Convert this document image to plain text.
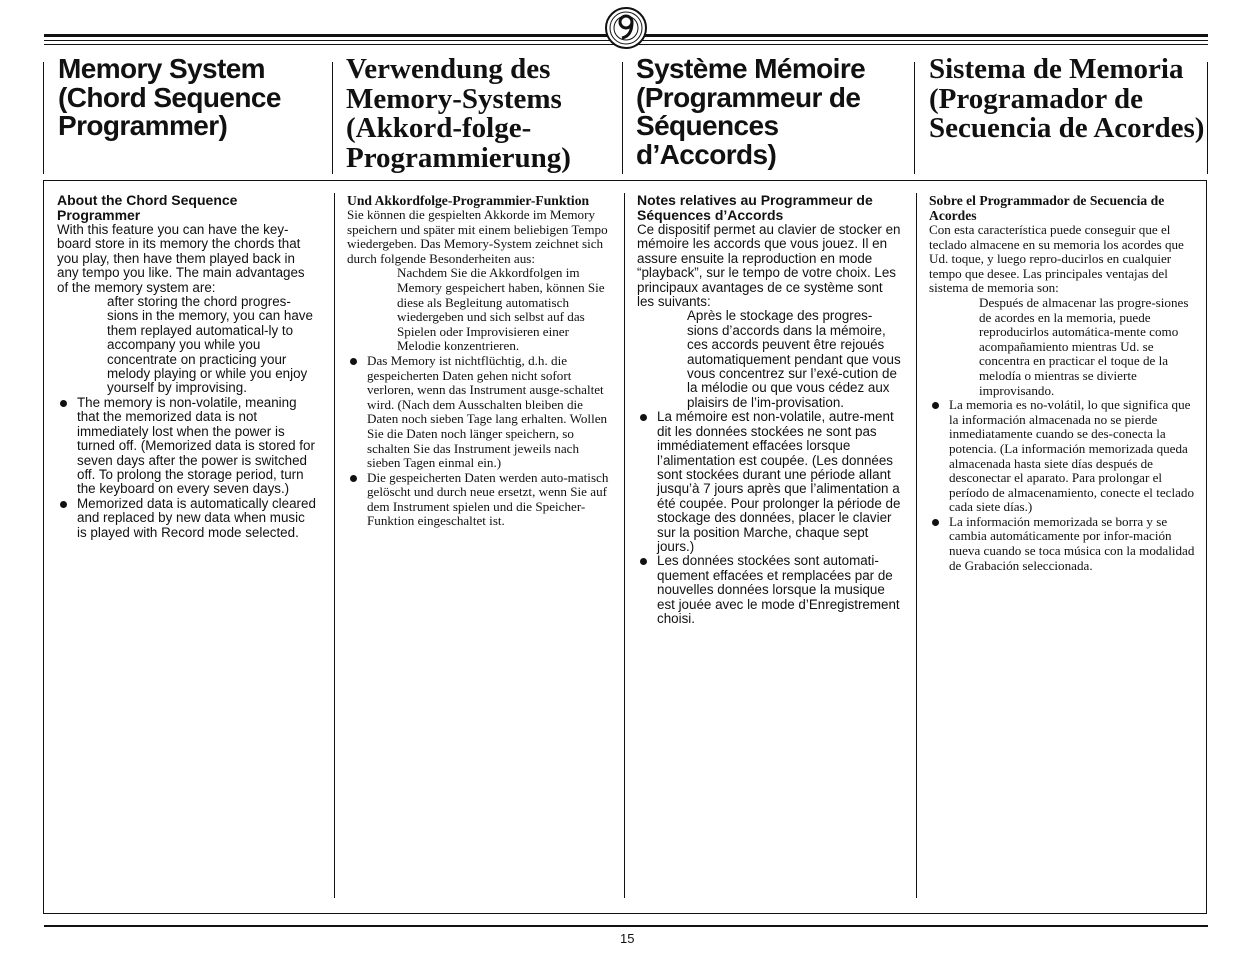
Memory System
(Chord Sequence
Programmer)
Verwendung des
Memory-Systems
(Akkord-folge-
Programmierung)
Système Mémoire
(Programmeur de
Séquences
d’Accords)
Sistema de Memoria
(Programador de
Secuencia de Acordes)
About the Chord Sequence Programmer

With this feature you can have the key-board store in its memory the chords that you play, then have them played back in any tempo you like. The main advantages of the memory system are:

after storing the chord progres-sions in the memory, you can have them replayed automatical-ly to accompany you while you concentrate on practicing your melody playing or while you enjoy yourself by improvising.

The memory is non-volatile, meaning that the memorized data is not immediately lost when the power is turned off. (Memorized data is stored for seven days after the power is switched off. To prolong the storage period, turn the keyboard on every seven days.)
Memorized data is automatically cleared and replaced by new data when music is played with Record mode selected.
Und Akkordfolge-Programmier-Funktion

Sie können die gespielten Akkorde im Memory speichern und später mit einem beliebigen Tempo wiedergeben. Das Memory-System zeichnet sich durch folgende Besonderheiten aus:

Nachdem Sie die Akkordfolgen im Memory gespeichert haben, können Sie diese als Begleitung automatisch wiedergeben und sich selbst auf das Spielen oder Improvisieren einer Melodie konzentrieren.

Das Memory ist nichtflüchtig, d.h. die gespeicherten Daten gehen nicht sofort verloren, wenn das Instrument ausge-schaltet wird. (Nach dem Ausschalten bleiben die Daten noch sieben Tage lang erhalten. Wollen Sie die Daten noch länger speichern, so schalten Sie das Instrument jeweils nach sieben Tagen einmal ein.)
Die gespeicherten Daten werden auto-matisch gelöscht und durch neue ersetzt, wenn Sie auf dem Instrument spielen und die Speicher-Funktion eingeschaltet ist.
Notes relatives au Programmeur de Séquences d’Accords

Ce dispositif permet au clavier de stocker en mémoire les accords que vous jouez. Il en assure ensuite la reproduction en mode “playback”, sur le tempo de votre choix. Les principaux avantages de ce système sont les suivants:

Après le stockage des progres-sions d’accords dans la mémoire, ces accords peuvent être rejoués automatiquement pendant que vous vous concentrez sur l’exé-cution de la mélodie ou que vous cédez aux plaisirs de l’im-provisation.

La mémoire est non-volatile, autre-ment dit les données stockées ne sont pas immédiatement effacées lorsque l’alimentation est coupée. (Les données sont stockées durant une période allant jusqu’à 7 jours après que l’alimentation a été coupée. Pour prolonger la période de stockage des données, placer le clavier sur la position Marche, chaque sept jours.)
Les données stockées sont automati-quement effacées et remplacées par de nouvelles données lorsque la musique est jouée avec le mode d’Enregistrement choisi.
Sobre el Programmador de Secuencia de Acordes

Con esta característica puede conseguir que el teclado almacene en su memoria los acordes que Ud. toque, y luego repro-ducirlos en cualquier tempo que desee. Las principales ventajas del sistema de memoria son:

Después de almacenar las progre-siones de acordes en la memoria, puede reproducirlos automática-mente como acompañamiento mientras Ud. se concentra en practicar el toque de la melodía o mientras se divierte improvisando.

La memoria es no-volátil, lo que significa que la información almacenada no se pierde inmediatamente cuando se des-conecta la potencia. (La información memorizada queda almacenada hasta siete días después de desconectar el aparato. Para prolongar el período de almacenamiento, conecte el teclado cada siete días.)
La información memorizada se borra y se cambia automáticamente por infor-mación nueva cuando se toca música con la modalidad de Grabación seleccionada.
15
